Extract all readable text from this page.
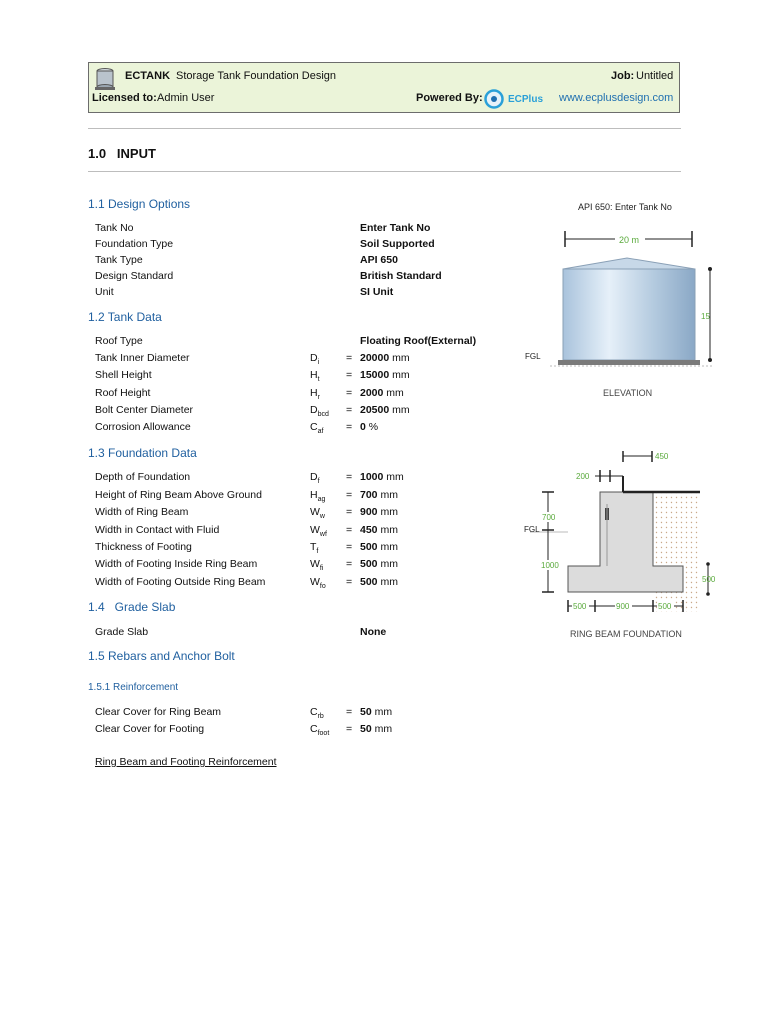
ECTANK Storage Tank Foundation Design	Job: Untitled
Licensed to: Admin User	Powered By:	ECPlus www.ecplusdesign.com
1.0   INPUT
1.1 Design Options
Tank No	Enter Tank No
Foundation Type	Soil Supported
Tank Type	API 650
Design Standard	British Standard
Unit	SI Unit
1.2 Tank Data
Roof Type	Floating Roof(External)
Tank Inner Diameter	$D_i$	= 20000 mm
Shell Height	$H_t$	= 15000 mm
Roof Height	$H_r = 2000$ mm
Bolt Center Diameter	$D_{bcd} = 20500$ mm
Corrosion Allowance	$C_{af} = 0$ %
1.3 Foundation Data
Depth of Foundation	$D_f$	= 1000 mm
Height of Ring Beam Above Ground	$H_{ag} = 700$ mm
Width of Ring Beam	$W_w = 900$ mm
Width in Contact with Fluid	$W_{wf} = 450$ mm
Thickness of Footing	$T_f$	= 500 mm
Width of Footing Inside Ring Beam	$W_{fi} = 500$ mm
Width of Footing Outside Ring Beam	$W_{fo} = 500$ mm
1.4   Grade Slab
Grade Slab	None
1.5 Rebars and Anchor Bolt
1.5.1 Reinforcement
Clear Cover for Ring Beam	$C_{rb} = 50$ mm
Clear Cover for Footing	$C_{foot} = 50$ mm
Ring Beam and Footing Reinforcement
API 650: Enter Tank No
20 m
FGL
15
ELEVATION
450
200
700
FGL
1000
500
500	900	500
RING BEAM FOUNDATION
